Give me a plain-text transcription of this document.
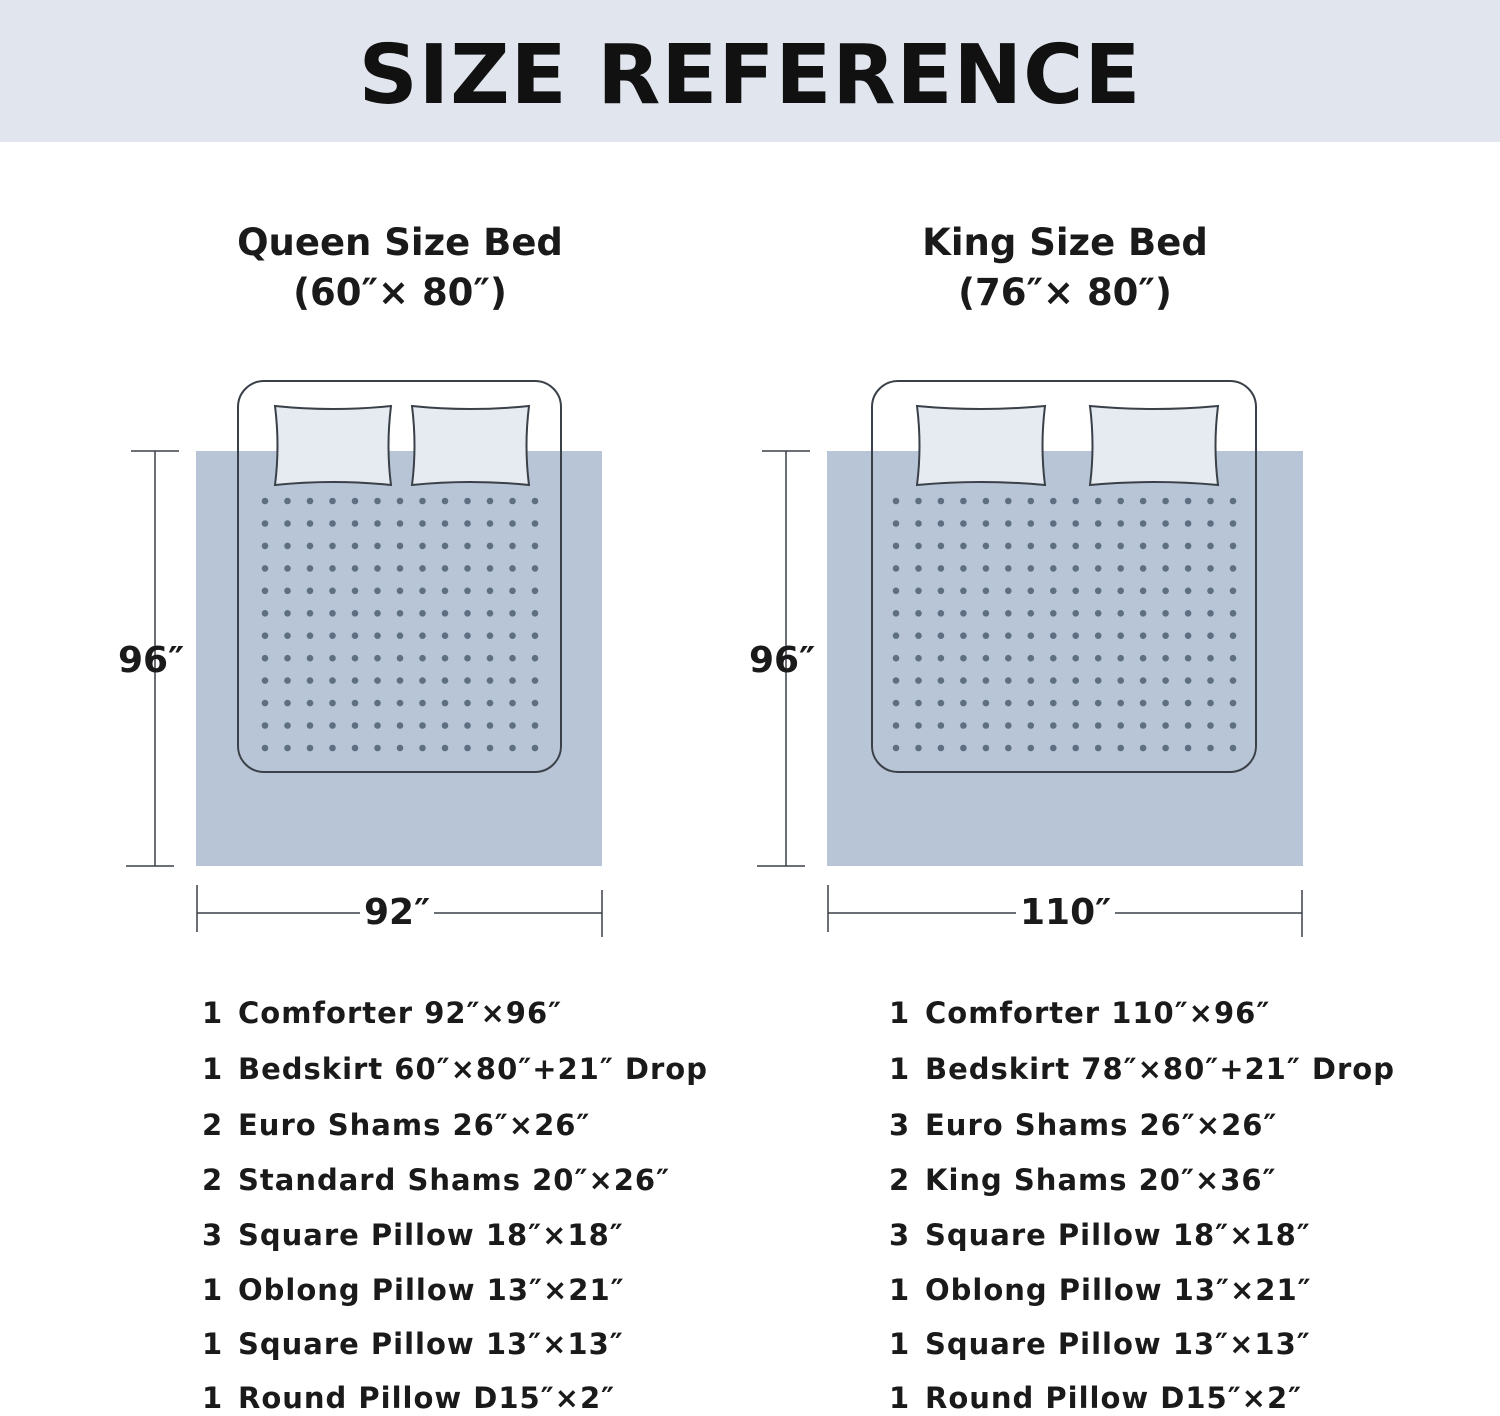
SIZE REFERENCE
Queen Size Bed
(60″× 80″)
King Size Bed
(76″× 80″)
96″
92″
96″
110″
1 Comforter 92″×96″
1 Bedskirt 60″×80″+21″ Drop
2 Euro Shams 26″×26″
2 Standard Shams 20″×26″
3 Square Pillow 18″×18″
1 Oblong Pillow 13″×21″
1 Square Pillow 13″×13″
1 Round Pillow D15″×2″
1 Comforter 110″×96″
1 Bedskirt 78″×80″+21″ Drop
3 Euro Shams 26″×26″
2 King Shams 20″×36″
3 Square Pillow 18″×18″
1 Oblong Pillow 13″×21″
1 Square Pillow 13″×13″
1 Round Pillow D15″×2″
